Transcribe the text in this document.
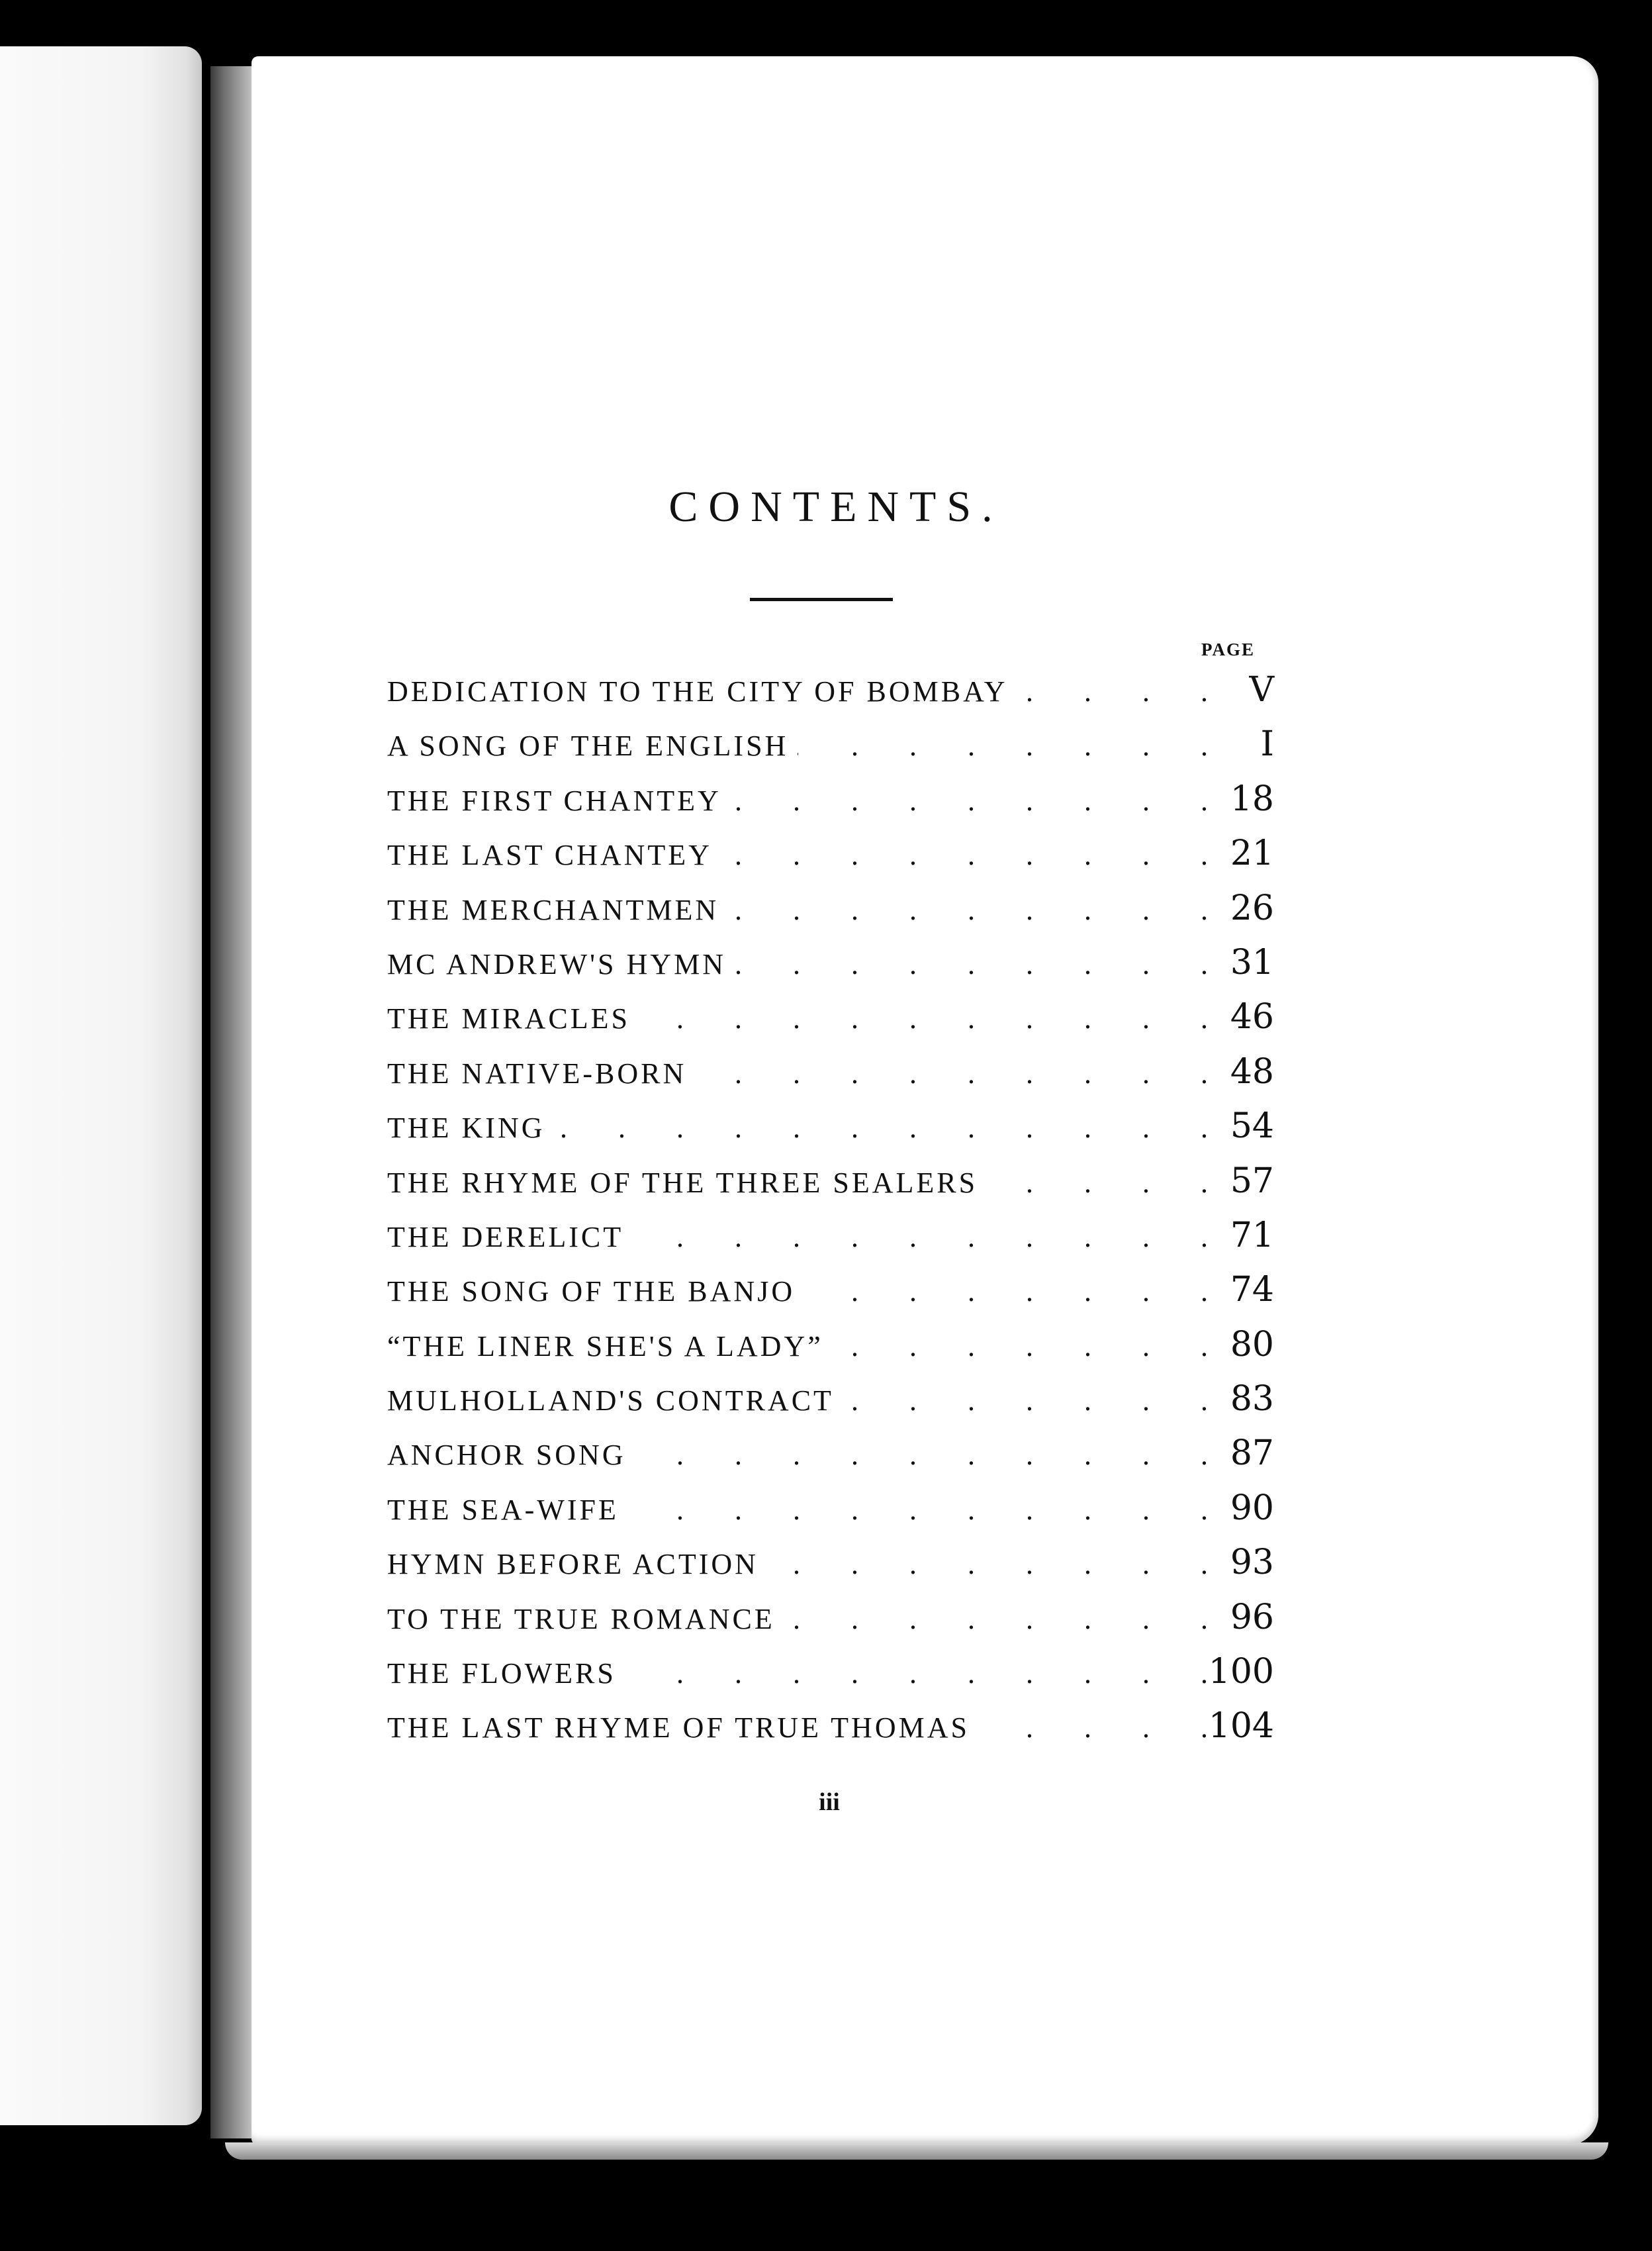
CONTENTS.
PAGE
DEDICATION TO THE CITY OF BOMBAY .	V
A SONG OF THE ENGLISH .	I
THE FIRST CHANTEY .	18
THE LAST CHANTEY .	21
THE MERCHANTMEN .	26
MC ANDREW'S HYMN .	31
THE MIRACLES .	46
THE NATIVE-BORN .	48
THE KING .	54
THE RHYME OF THE THREE SEALERS .	57
THE DERELICT .	71
THE SONG OF THE BANJO .	74
“THE LINER SHE'S A LADY” .	80
MULHOLLAND'S CONTRACT .	83
ANCHOR SONG .	87
THE SEA-WIFE .	90
HYMN BEFORE ACTION .	93
TO THE TRUE ROMANCE .	96
THE FLOWERS .	100
THE LAST RHYME OF TRUE THOMAS .	104
iii
